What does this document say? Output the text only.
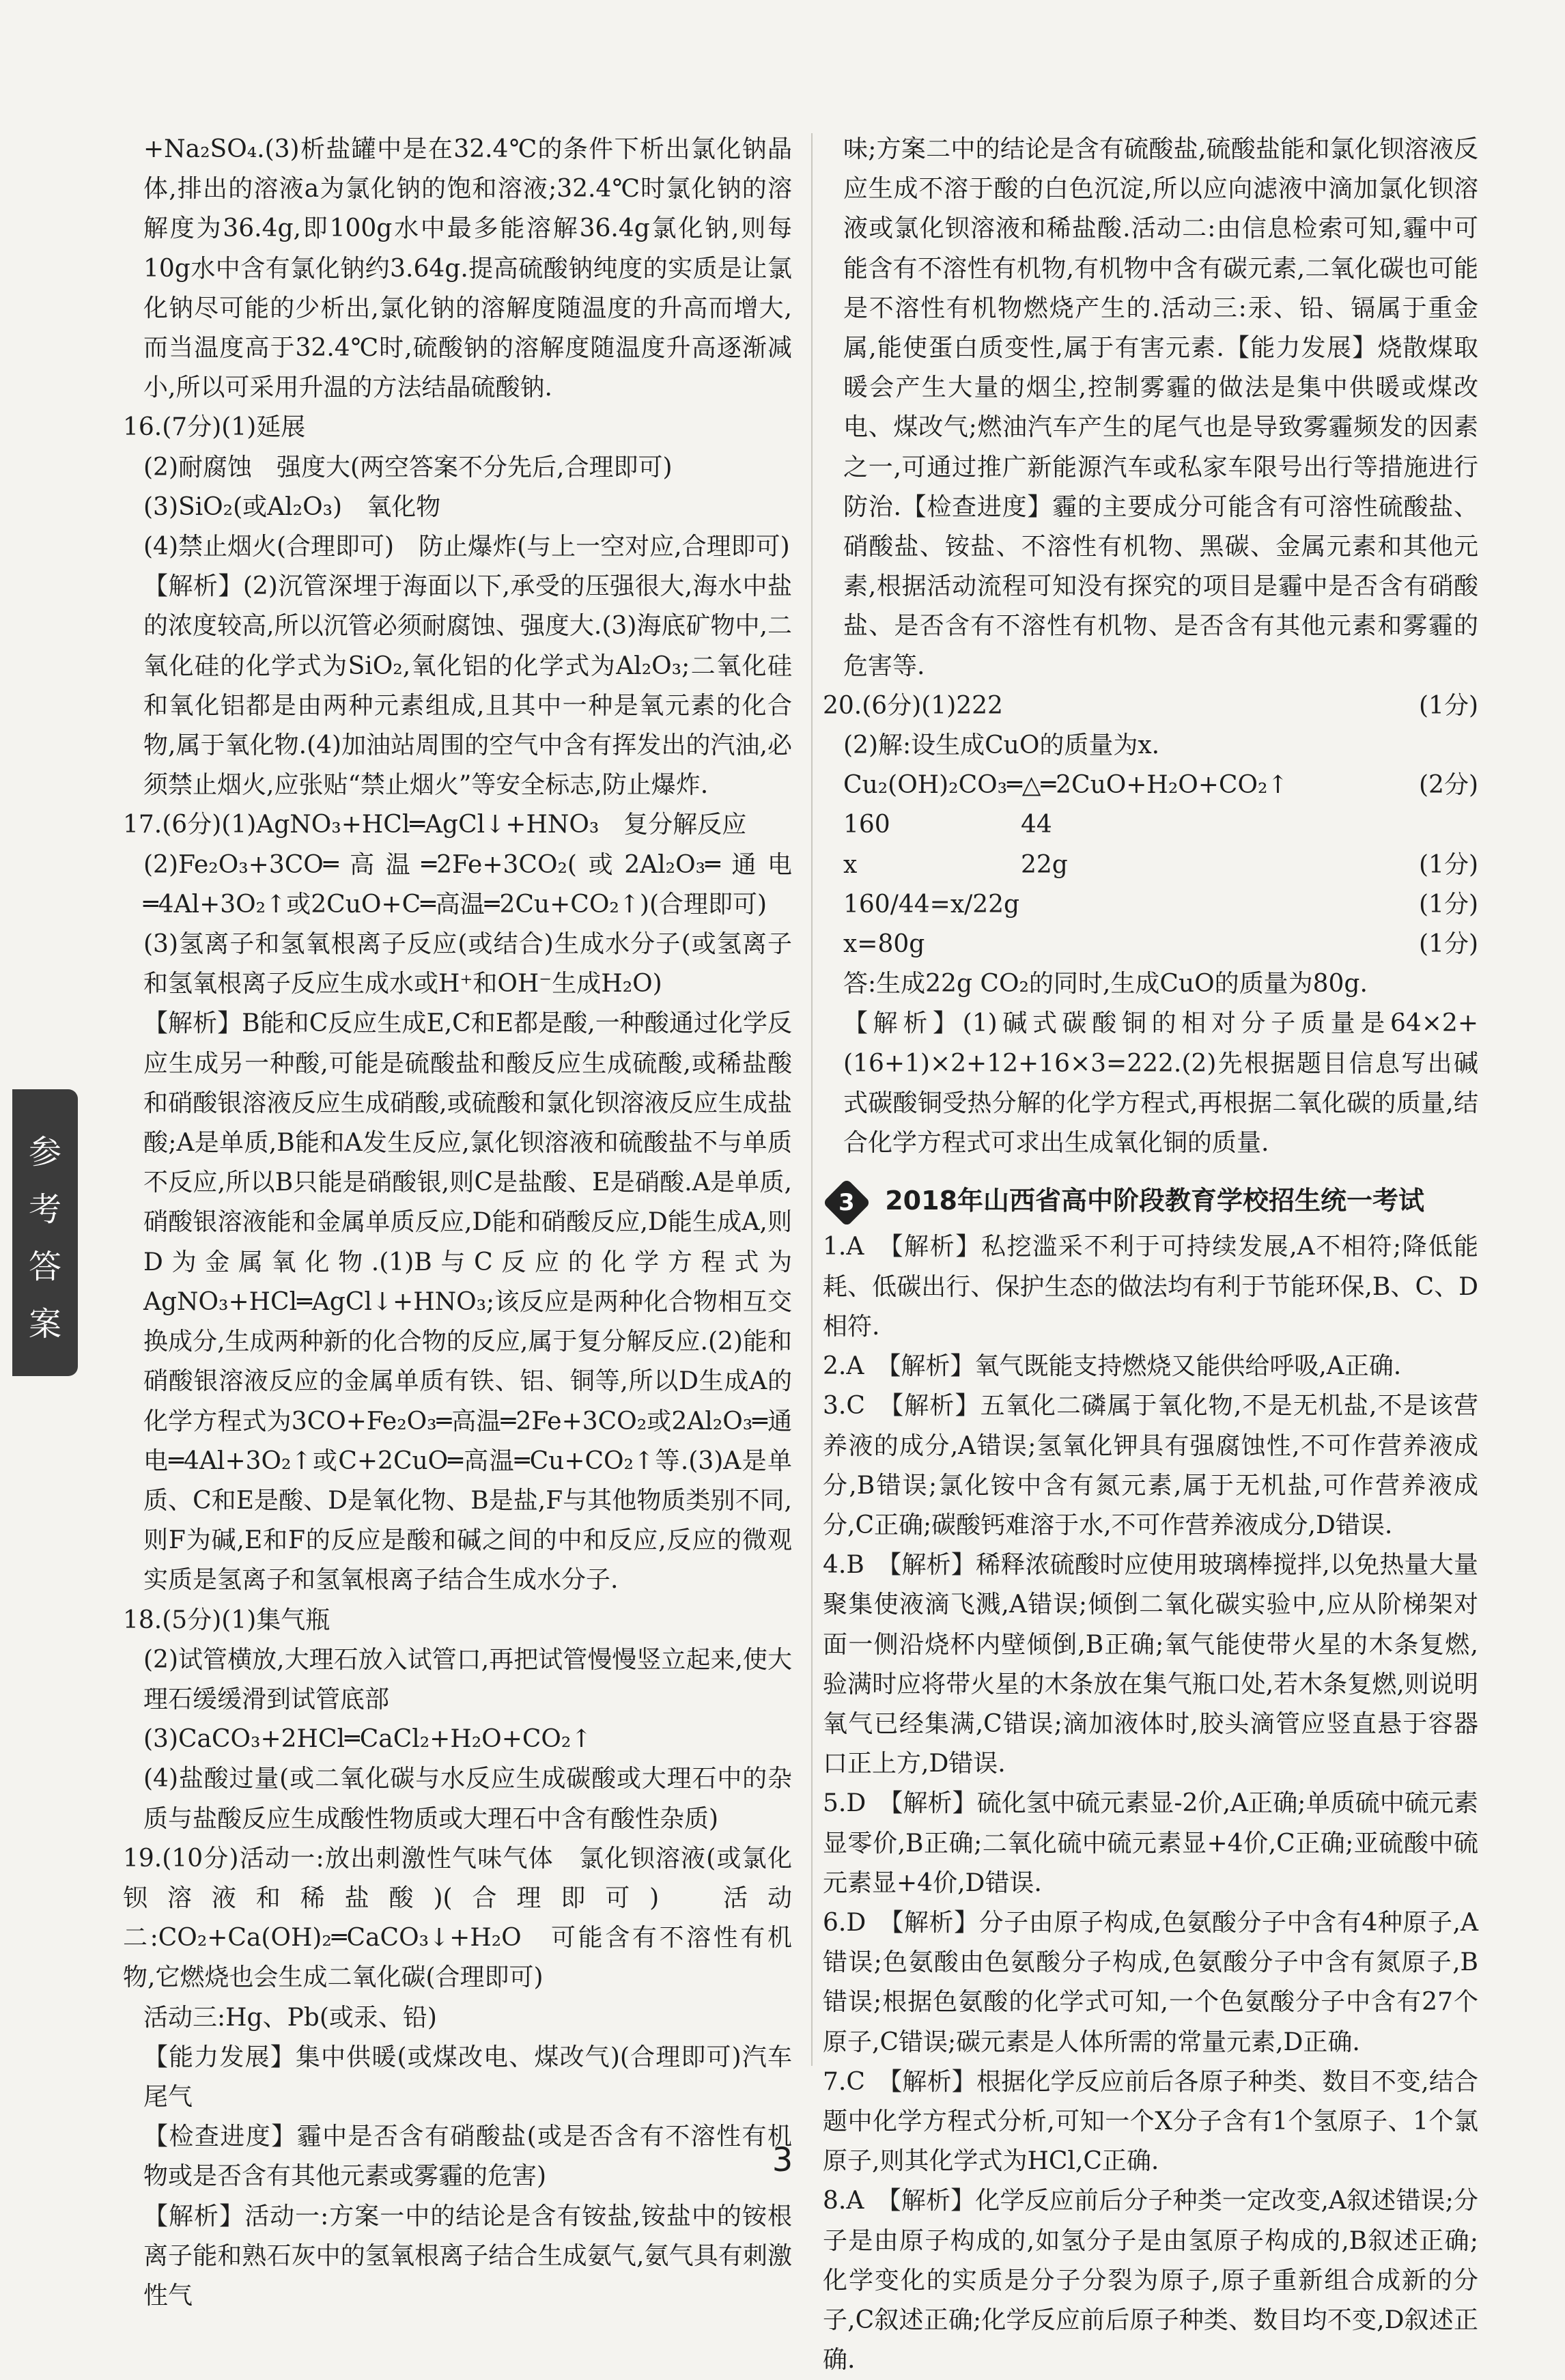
参
考
答
案

+Na₂SO₄.(3)析盐罐中是在32.4℃的条件下析出氯化钠晶体,排出的溶液a为氯化钠的饱和溶液;32.4℃时氯化钠的溶解度为36.4g,即100g水中最多能溶解36.4g氯化钠,则每10g水中含有氯化钠约3.64g.提高硫酸钠纯度的实质是让氯化钠尽可能的少析出,氯化钠的溶解度随温度的升高而增大,而当温度高于32.4℃时,硫酸钠的溶解度随温度升高逐渐减小,所以可采用升温的方法结晶硫酸钠.

16.(7分)(1)延展

(2)耐腐蚀　强度大(两空答案不分先后,合理即可)

(3)SiO₂(或Al₂O₃)　氧化物

(4)禁止烟火(合理即可)　防止爆炸(与上一空对应,合理即可)

【解析】(2)沉管深埋于海面以下,承受的压强很大,海水中盐的浓度较高,所以沉管必须耐腐蚀、强度大.(3)海底矿物中,二氧化硅的化学式为SiO₂,氧化铝的化学式为Al₂O₃;二氧化硅和氧化铝都是由两种元素组成,且其中一种是氧元素的化合物,属于氧化物.(4)加油站周围的空气中含有挥发出的汽油,必须禁止烟火,应张贴“禁止烟火”等安全标志,防止爆炸.

17.(6分)(1)AgNO₃+HCl═AgCl↓+HNO₃　复分解反应

(2)Fe₂O₃+3CO═高温═2Fe+3CO₂(或2Al₂O₃═通电═4Al+3O₂↑或2CuO+C═高温═2Cu+CO₂↑)(合理即可)

(3)氢离子和氢氧根离子反应(或结合)生成水分子(或氢离子和氢氧根离子反应生成水或H⁺和OH⁻生成H₂O)

【解析】B能和C反应生成E,C和E都是酸,一种酸通过化学反应生成另一种酸,可能是硫酸盐和酸反应生成硫酸,或稀盐酸和硝酸银溶液反应生成硝酸,或硫酸和氯化钡溶液反应生成盐酸;A是单质,B能和A发生反应,氯化钡溶液和硫酸盐不与单质不反应,所以B只能是硝酸银,则C是盐酸、E是硝酸.A是单质,硝酸银溶液能和金属单质反应,D能和硝酸反应,D能生成A,则D为金属氧化物.(1)B与C反应的化学方程式为AgNO₃+HCl═AgCl↓+HNO₃;该反应是两种化合物相互交换成分,生成两种新的化合物的反应,属于复分解反应.(2)能和硝酸银溶液反应的金属单质有铁、铝、铜等,所以D生成A的化学方程式为3CO+Fe₂O₃═高温═2Fe+3CO₂或2Al₂O₃═通电═4Al+3O₂↑或C+2CuO═高温═Cu+CO₂↑等.(3)A是单质、C和E是酸、D是氧化物、B是盐,F与其他物质类别不同,则F为碱,E和F的反应是酸和碱之间的中和反应,反应的微观实质是氢离子和氢氧根离子结合生成水分子.

18.(5分)(1)集气瓶

(2)试管横放,大理石放入试管口,再把试管慢慢竖立起来,使大理石缓缓滑到试管底部

(3)CaCO₃+2HCl═CaCl₂+H₂O+CO₂↑

(4)盐酸过量(或二氧化碳与水反应生成碳酸或大理石中的杂质与盐酸反应生成酸性物质或大理石中含有酸性杂质)

19.(10分)活动一:放出刺激性气味气体　氯化钡溶液(或氯化钡溶液和稀盐酸)(合理即可)　活动二:CO₂+Ca(OH)₂═CaCO₃↓+H₂O　可能含有不溶性有机物,它燃烧也会生成二氧化碳(合理即可)

活动三:Hg、Pb(或汞、铅)

【能力发展】集中供暖(或煤改电、煤改气)(合理即可)汽车尾气

【检查进度】霾中是否含有硝酸盐(或是否含有不溶性有机物或是否含有其他元素或雾霾的危害)

【解析】活动一:方案一中的结论是含有铵盐,铵盐中的铵根离子能和熟石灰中的氢氧根离子结合生成氨气,氨气具有刺激性气

味;方案二中的结论是含有硫酸盐,硫酸盐能和氯化钡溶液反应生成不溶于酸的白色沉淀,所以应向滤液中滴加氯化钡溶液或氯化钡溶液和稀盐酸.活动二:由信息检索可知,霾中可能含有不溶性有机物,有机物中含有碳元素,二氧化碳也可能是不溶性有机物燃烧产生的.活动三:汞、铅、镉属于重金属,能使蛋白质变性,属于有害元素.【能力发展】烧散煤取暖会产生大量的烟尘,控制雾霾的做法是集中供暖或煤改电、煤改气;燃油汽车产生的尾气也是导致雾霾频发的因素之一,可通过推广新能源汽车或私家车限号出行等措施进行防治.【检查进度】霾的主要成分可能含有可溶性硫酸盐、硝酸盐、铵盐、不溶性有机物、黑碳、金属元素和其他元素,根据活动流程可知没有探究的项目是霾中是否含有硝酸盐、是否含有不溶性有机物、是否含有其他元素和雾霾的危害等.

20.(6分)(1)222	(1分)

(2)解:设生成CuO的质量为x.

Cu₂(OH)₂CO₃═△═2CuO+H₂O+CO₂↑	(2分)

160	44
x	22g	(1分)

160/44=x/22g	(1分)

x=80g	(1分)

答:生成22g CO₂的同时,生成CuO的质量为80g.

【解析】(1)碱式碳酸铜的相对分子质量是64×2+(16+1)×2+12+16×3=222.(2)先根据题目信息写出碱式碳酸铜受热分解的化学方程式,再根据二氧化碳的质量,结合化学方程式可求出生成氧化铜的质量.

3 2018年山西省高中阶段教育学校招生统一考试

1.A　【解析】私挖滥采不利于可持续发展,A不相符;降低能耗、低碳出行、保护生态的做法均有利于节能环保,B、C、D相符.

2.A　【解析】氧气既能支持燃烧又能供给呼吸,A正确.

3.C　【解析】五氧化二磷属于氧化物,不是无机盐,不是该营养液的成分,A错误;氢氧化钾具有强腐蚀性,不可作营养液成分,B错误;氯化铵中含有氮元素,属于无机盐,可作营养液成分,C正确;碳酸钙难溶于水,不可作营养液成分,D错误.

4.B　【解析】稀释浓硫酸时应使用玻璃棒搅拌,以免热量大量聚集使液滴飞溅,A错误;倾倒二氧化碳实验中,应从阶梯架对面一侧沿烧杯内壁倾倒,B正确;氧气能使带火星的木条复燃,验满时应将带火星的木条放在集气瓶口处,若木条复燃,则说明氧气已经集满,C错误;滴加液体时,胶头滴管应竖直悬于容器口正上方,D错误.

5.D　【解析】硫化氢中硫元素显-2价,A正确;单质硫中硫元素显零价,B正确;二氧化硫中硫元素显+4价,C正确;亚硫酸中硫元素显+4价,D错误.

6.D　【解析】分子由原子构成,色氨酸分子中含有4种原子,A错误;色氨酸由色氨酸分子构成,色氨酸分子中含有氮原子,B错误;根据色氨酸的化学式可知,一个色氨酸分子中含有27个原子,C错误;碳元素是人体所需的常量元素,D正确.

7.C　【解析】根据化学反应前后各原子种类、数目不变,结合题中化学方程式分析,可知一个X分子含有1个氢原子、1个氯原子,则其化学式为HCl,C正确.

8.A　【解析】化学反应前后分子种类一定改变,A叙述错误;分子是由原子构成的,如氢分子是由氢原子构成的,B叙述正确;化学变化的实质是分子分裂为原子,原子重新组合成新的分子,C叙述正确;化学反应前后原子种类、数目均不变,D叙述正确.

3
